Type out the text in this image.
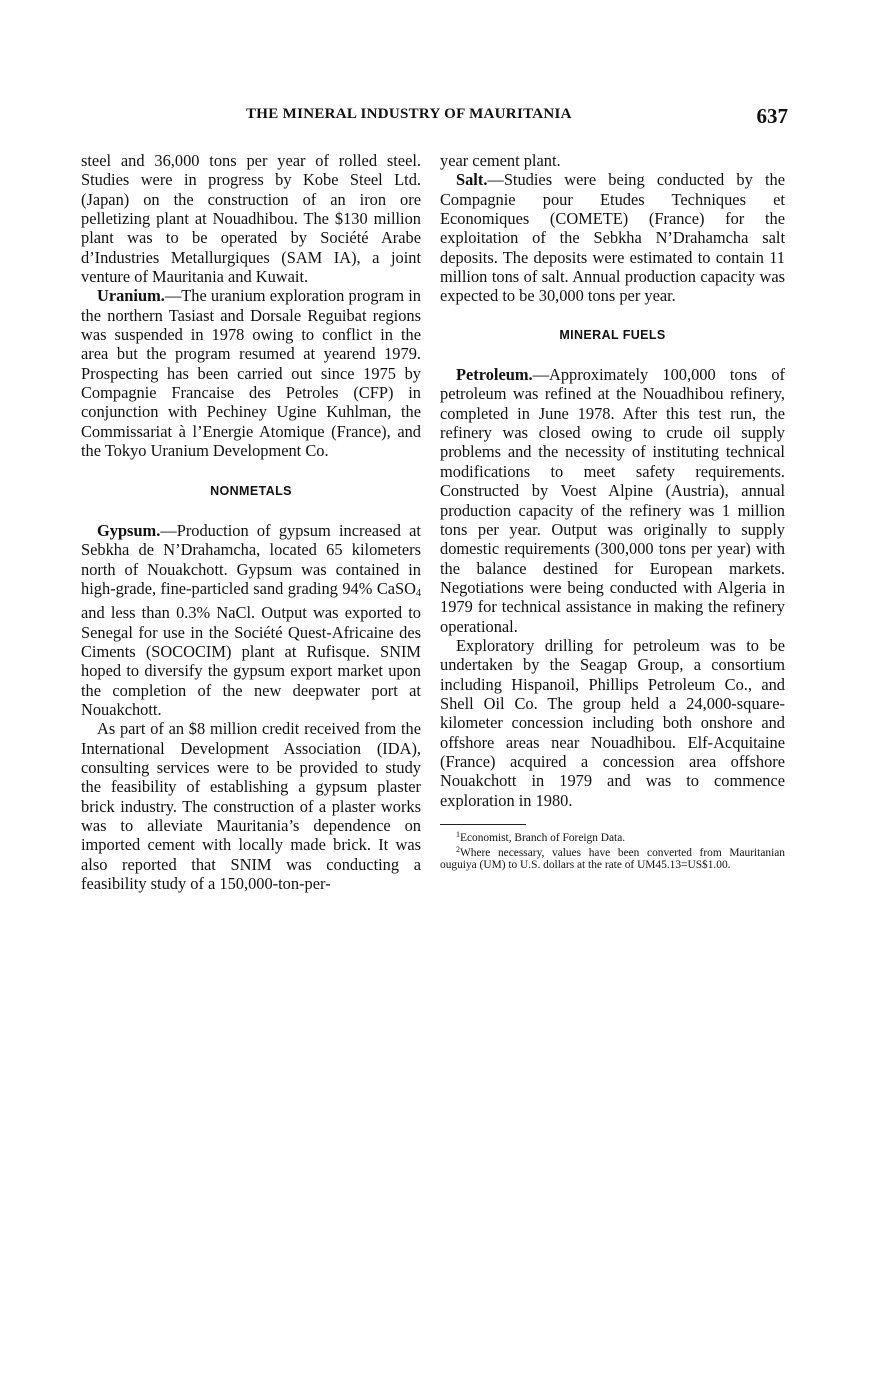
THE MINERAL INDUSTRY OF MAURITANIA	637

steel and 36,000 tons per year of rolled steel. Studies were in progress by Kobe Steel Ltd. (Japan) on the construction of an iron ore pelletizing plant at Nouadhibou. The $130 million plant was to be operated by Société Arabe d’Industries Metallurgiques (SAM IA), a joint venture of Mauritania and Kuwait.

Uranium.—The uranium exploration program in the northern Tasiast and Dorsale Reguibat regions was suspended in 1978 owing to conflict in the area but the program resumed at yearend 1979. Prospecting has been carried out since 1975 by Compagnie Francaise des Petroles (CFP) in conjunction with Pechiney Ugine Kuhlman, the Commissariat à l’Energie Atomique (France), and the Tokyo Uranium Development Co.

NONMETALS

Gypsum.—Production of gypsum increased at Sebkha de N’Drahamcha, located 65 kilometers north of Nouakchott. Gypsum was contained in high-grade, fine-particled sand grading 94% CaSO$_4$ and less than 0.3% NaCl. Output was exported to Senegal for use in the Société Quest-Africaine des Ciments (SOCOCIM) plant at Rufisque. SNIM hoped to diversify the gypsum export market upon the completion of the new deepwater port at Nouakchott.

As part of an $8 million credit received from the International Development Association (IDA), consulting services were to be provided to study the feasibility of establishing a gypsum plaster brick industry. The construction of a plaster works was to alleviate Mauritania’s dependence on imported cement with locally made brick. It was also reported that SNIM was conducting a feasibility study of a 150,000-ton-per-

year cement plant.

Salt.—Studies were being conducted by the Compagnie pour Etudes Techniques et Economiques (COMETE) (France) for the exploitation of the Sebkha N’Drahamcha salt deposits. The deposits were estimated to contain 11 million tons of salt. Annual production capacity was expected to be 30,000 tons per year.

MINERAL FUELS

Petroleum.—Approximately 100,000 tons of petroleum was refined at the Nouadhibou refinery, completed in June 1978. After this test run, the refinery was closed owing to crude oil supply problems and the necessity of instituting technical modifications to meet safety requirements. Constructed by Voest Alpine (Austria), annual production capacity of the refinery was 1 million tons per year. Output was originally to supply domestic requirements (300,000 tons per year) with the balance destined for European markets. Negotiations were being conducted with Algeria in 1979 for technical assistance in making the refinery operational.

Exploratory drilling for petroleum was to be undertaken by the Seagap Group, a consortium including Hispanoil, Phillips Petroleum Co., and Shell Oil Co. The group held a 24,000-square-kilometer concession including both onshore and offshore areas near Nouadhibou. Elf-Acquitaine (France) acquired a concession area offshore Nouakchott in 1979 and was to commence exploration in 1980.

$^1$Economist, Branch of Foreign Data.

$^2$Where necessary, values have been converted from Mauritanian ouguiya (UM) to U.S. dollars at the rate of UM45.13=US$1.00.
